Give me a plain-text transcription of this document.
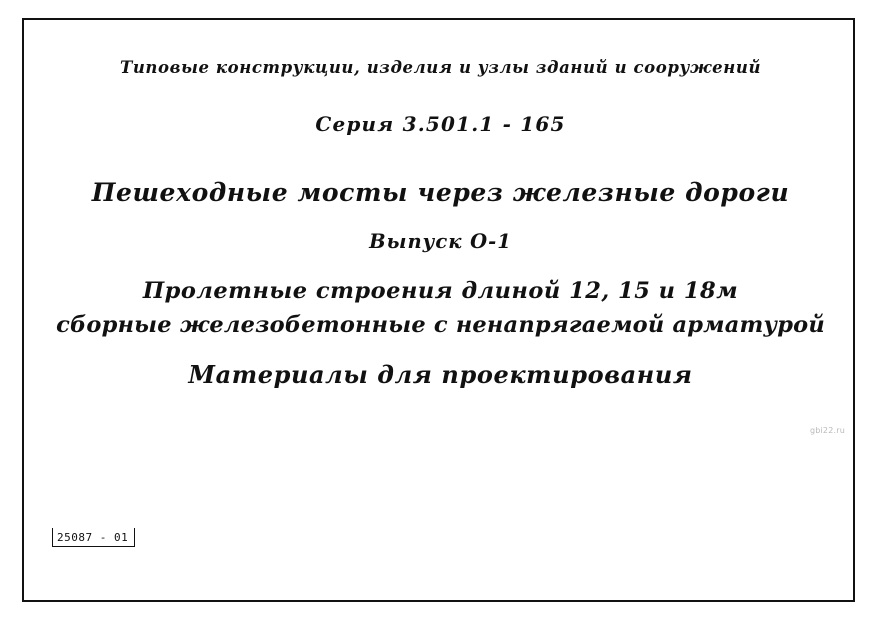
Типовые конструкции, изделия и узлы зданий и сооружений
Серия 3.501.1 - 165
Пешеходные мосты через железные дороги
Выпуск О-1
Пролетные строения длиной 12, 15 и 18м
сборные железобетонные с ненапрягаемой арматурой
Материалы для проектирования
gbi22.ru
25087 - 01
